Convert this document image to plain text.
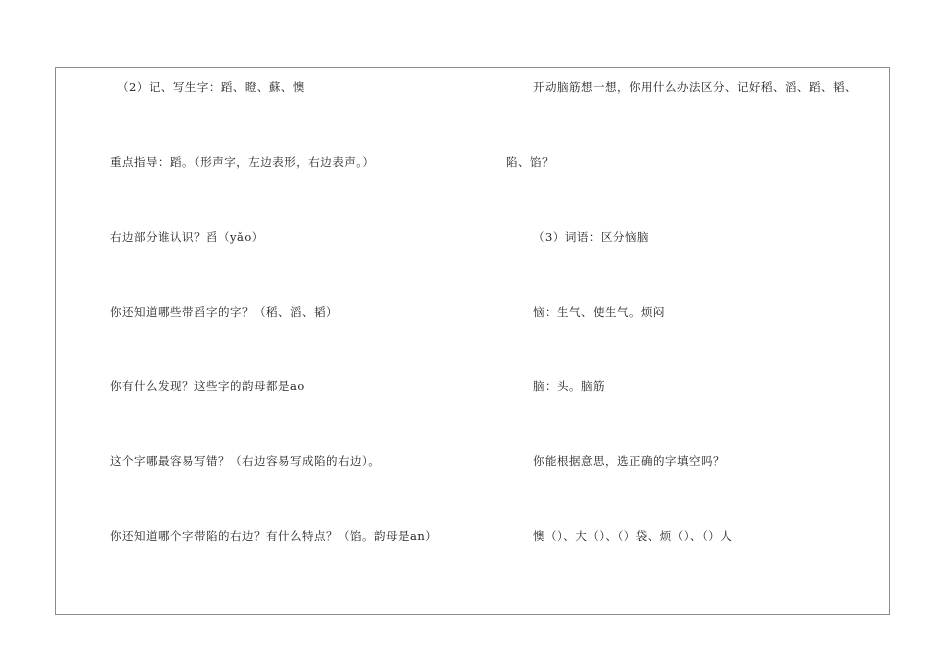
（2）记、写生字：蹈、瞪、蘇、懊
重点指导：蹈。（形声字，左边表形，右边表声。）
右边部分谁认识？舀（yǎo）
你还知道哪些带舀字的字？（稻、滔、韬）
你有什么发现？这些字的韵母都是ao
这个字哪最容易写错？（右边容易写成陷的右边）。
你还知道哪个字带陷的右边？有什么特点？（馅。韵母是an）
开动脑筋想一想，你用什么办法区分、记好稻、滔、蹈、韬、
陷、馅？
（3）词语：区分恼脑
恼：生气、使生气。烦闷
脑：头。脑筋
你能根据意思，选正确的字填空吗？
懊（）、大（）、（）袋、烦（）、（）人
